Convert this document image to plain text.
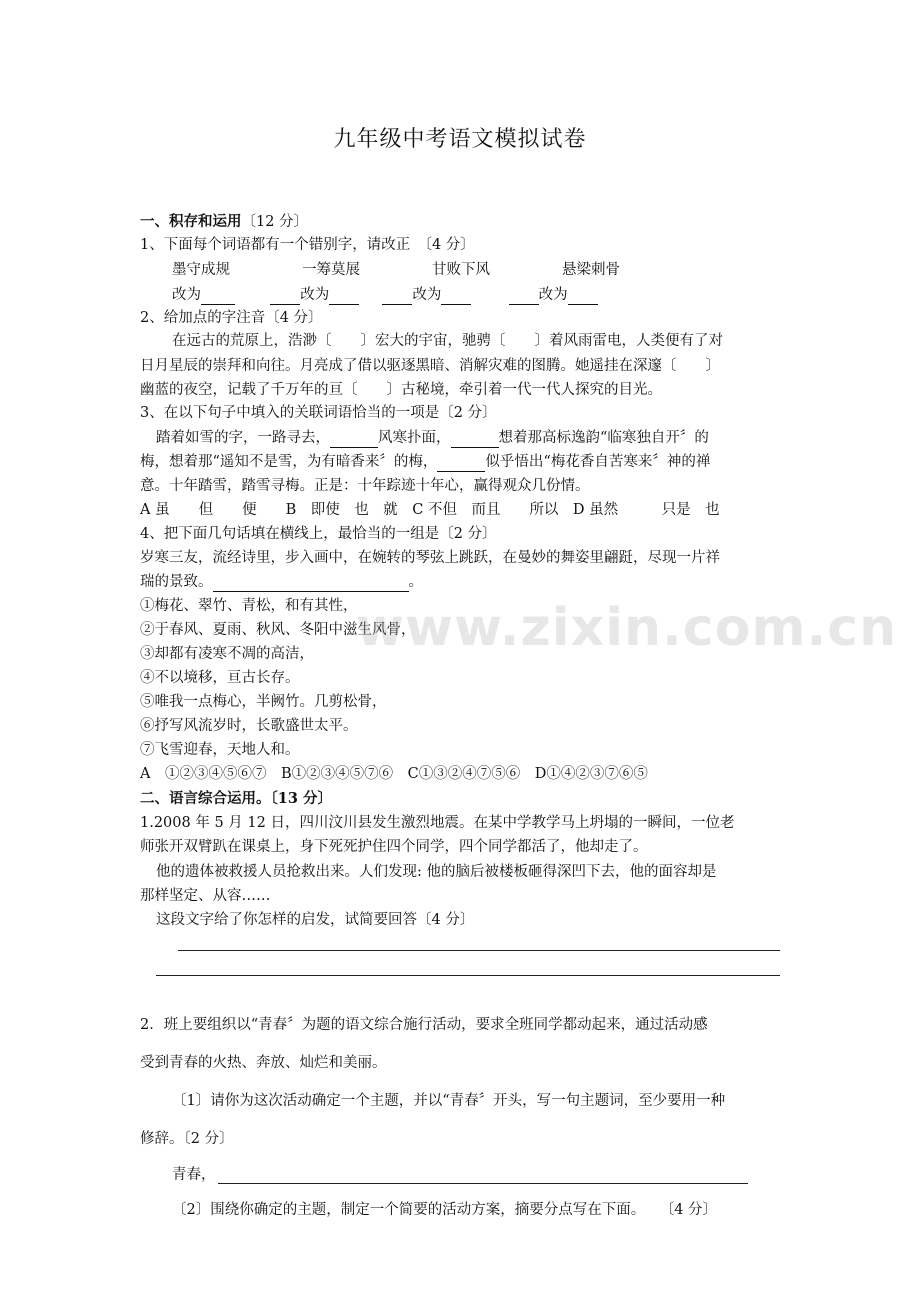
九年级中考语文模拟试卷
一、积存和运用〔12 分〕
1、下面每个词语都有一个错别字，请改正　〔4 分〕
墨守成规	一筹莫展	甘败下风	悬梁刺骨
改为	改为	改为	改为
2、给加点的字注音〔4 分〕
在远古的荒原上，浩渺〔　　〕宏大的宇宙，驰骋〔　　〕着风雨雷电，人类便有了对
日月星辰的崇拜和向往。月亮成了借以驱逐黑暗、消解灾难的图腾。她遥挂在深邃〔　　〕
幽蓝的夜空，记载了千万年的亘〔　　〕古秘境，牵引着一代一代人探究的目光。
3、在以下句子中填入的关联词语恰当的一项是〔2 分〕
踏着如雪的字，一路寻去，	风寒扑面，	想着那高标逸韵“临寒独自开〞的
梅，想着那“遥知不是雪，为有暗香来〞的梅，	似乎悟出“梅花香自苦寒来〞神的禅
意。十年踏雪，踏雪寻梅。正是：十年踪迹十年心，赢得观众几份情。
A 虽　　但　　便　　B　即使　也　就　C 不但　而且　　所以　D 虽然　　　只是　也
4、把下面几句话填在横线上，最恰当的一组是〔2 分〕
岁寒三友，流经诗里，步入画中，在婉转的琴弦上跳跃，在曼妙的舞姿里翩跹，尽现一片祥
瑞的景致。	。
①梅花、翠竹、青松，和有其性，
②于春风、夏雨、秋风、冬阳中滋生风骨，
③却都有凌寒不凋的高洁，
④不以境移，亘古长存。
⑤唯我一点梅心，半阙竹。几剪松骨，
⑥抒写风流岁时，长歌盛世太平。
⑦飞雪迎春，天地人和。
A　①②③④⑤⑥⑦　B①②③④⑤⑦⑥　C①③②④⑦⑤⑥　D①④②③⑦⑥⑤
二、语言综合运用。〔13 分〕
1.2008 年 5 月 12 日，四川汶川县发生激烈地震。在某中学教学马上坍塌的一瞬间，一位老
师张开双臂趴在课桌上，身下死死护住四个同学，四个同学都活了，他却走了。
他的遗体被救援人员抢救出来。人们发现: 他的脑后被楼板砸得深凹下去，他的面容却是
那样坚定、从容……
这段文字给了你怎样的启发，试简要回答〔4 分〕
2．班上要组织以“青春〞为题的语文综合施行活动，要求全班同学都动起来，通过活动感
受到青春的火热、奔放、灿烂和美丽。
〔1〕请你为这次活动确定一个主题，并以“青春〞开头，写一句主题词，至少要用一种
修辞。〔2 分〕
青春，
〔2〕围绕你确定的主题，制定一个简要的活动方案，摘要分点写在下面。　　〔4 分〕
www.zixin.com.cn
